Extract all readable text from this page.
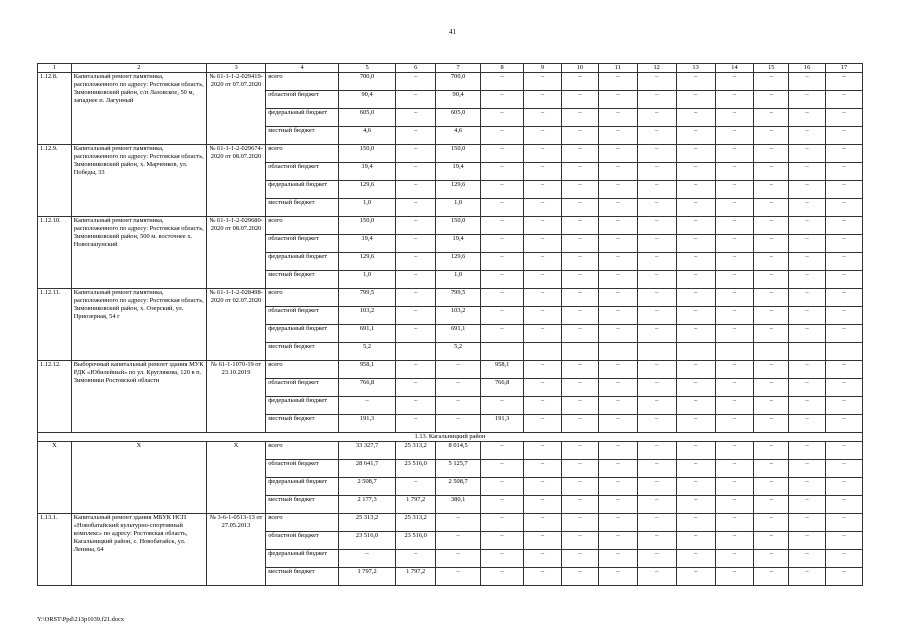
41
1	2	3	4	5	6	7	8	9	10	11	12	13	14	15	16	17
1.12.8.	Капитальный ремонт памятника, расположенного по адресу: Ростовская область, Зимовниковский район, с/п Лазовское, 50 м, западнее п. Лагунный	№ 61-1-1-2-029419-2020 от 07.07.2020	всего	700,0	–	700,0	–	–	–	–	–	–	–	–	–	–
			областной бюджет	90,4	–	90,4	–	–	–	–	–	–	–	–	–	–
			федеральный бюджет	605,0	–	605,0	–	–	–	–	–	–	–	–	–	–
			местный бюджет	4,6	–	4,6	–	–	–	–	–	–	–	–	–	–
1.12.9.	Капитальный ремонт памятника, расположенного по адресу: Ростовская область, Зимовниковский район, х. Марченков, ул. Победы, 33	№ 61-1-1-2-029674-2020 от 08.07.2020	всего	150,0	–	150,0	–	–	–	–	–	–	–	–	–	–
			областной бюджет	19,4	–	19,4	–	–	–	–	–	–	–	–	–	–
			федеральный бюджет	129,6	–	129,6	–	–	–	–	–	–	–	–	–	–
			местный бюджет	1,0	–	1,0	–	–	–	–	–	–	–	–	–	–
1.12.10.	Капитальный ремонт памятника, расположенного по адресу: Ростовская область, Зимовниковский район, 500 м. восточнее х. Новогашунский	№ 61-1-1-2-029680-2020 от 08.07.2020	всего	150,0	–	150,0	–	–	–	–	–	–	–	–	–	–
			областной бюджет	19,4	–	19,4	–	–	–	–	–	–	–	–	–	–
			федеральный бюджет	129,6	–	129,6	–	–	–	–	–	–	–	–	–	–
			местный бюджет	1,0	–	1,0	–	–	–	–	–	–	–	–	–	–
1.12.11.	Капитальный ремонт памятника, расположенного по адресу: Ростовская область, Зимовниковский район, х. Озерский, ул. Приозерная, 54 г	№ 61-1-1-2-028498-2020 от 02.07.2020	всего	799,5	–	799,5	–	–	–	–	–	–	–	–	–	–
			областной бюджет	103,2	–	103,2	–	–	–	–	–	–	–	–	–	–
			федеральный бюджет	691,1	–	691,1	–	–	–	–	–	–	–	–	–	–
			местный бюджет	5,2		5,2										
1.12.12.	Выборочный капитальный ремонт здания МУК РДК «Юбилейный» по ул. Круглякова, 120 в п. Зимовники Ростовской области	№ 61-1-1070-19 от 23.10.2019	всего	958,1	–	–	958,1	–	–	–	–	–	–	–	–	–
			областной бюджет	766,8	–	–	766,8	–	–	–	–	–	–	–	–	–
			федеральный бюджет	–	–	–	–	–	–	–	–	–	–	–	–	–
			местный бюджет	191,3	–	–	191,3	–	–	–	–	–	–	–	–	–
1.13. Кагальницкий район																
Х	Х	Х	всего	33 327,7	25 313,2	8 014,5	–	–	–	–	–	–	–	–	–	–
			областной бюджет	28 641,7	23 516,0	5 125,7	–	–	–	–	–	–	–	–	–	–
			федеральный бюджет	2 508,7	–	2 508,7	–	–	–	–	–	–	–	–	–	–
			местный бюджет	2 177,3	1 797,2	380,1	–	–	–	–	–	–	–	–	–	–
1.13.1.	Капитальный ремонт здания МБУК НСП «Новобатайский культурно-спортивный комплекс» по адресу: Ростовская область, Кагальницкий район, с. Новобатайск, ул. Ленина, 64	№ 3-6-1-0513-13 от 27.05.2013	всего	25 313,2	25 313,2	–	–	–	–	–	–	–	–	–	–	–
			областной бюджет	23 516,0	23 516,0	–	–	–	–	–	–	–	–	–	–	–
			федеральный бюджет	–	–	–	–	–	–	–	–	–	–	–	–	–
			местный бюджет	1 797,2	1 797,2	–	–	–	–	–	–	–	–	–	–	–
Y:\ORST\Ppd\213p1039.f21.docx
